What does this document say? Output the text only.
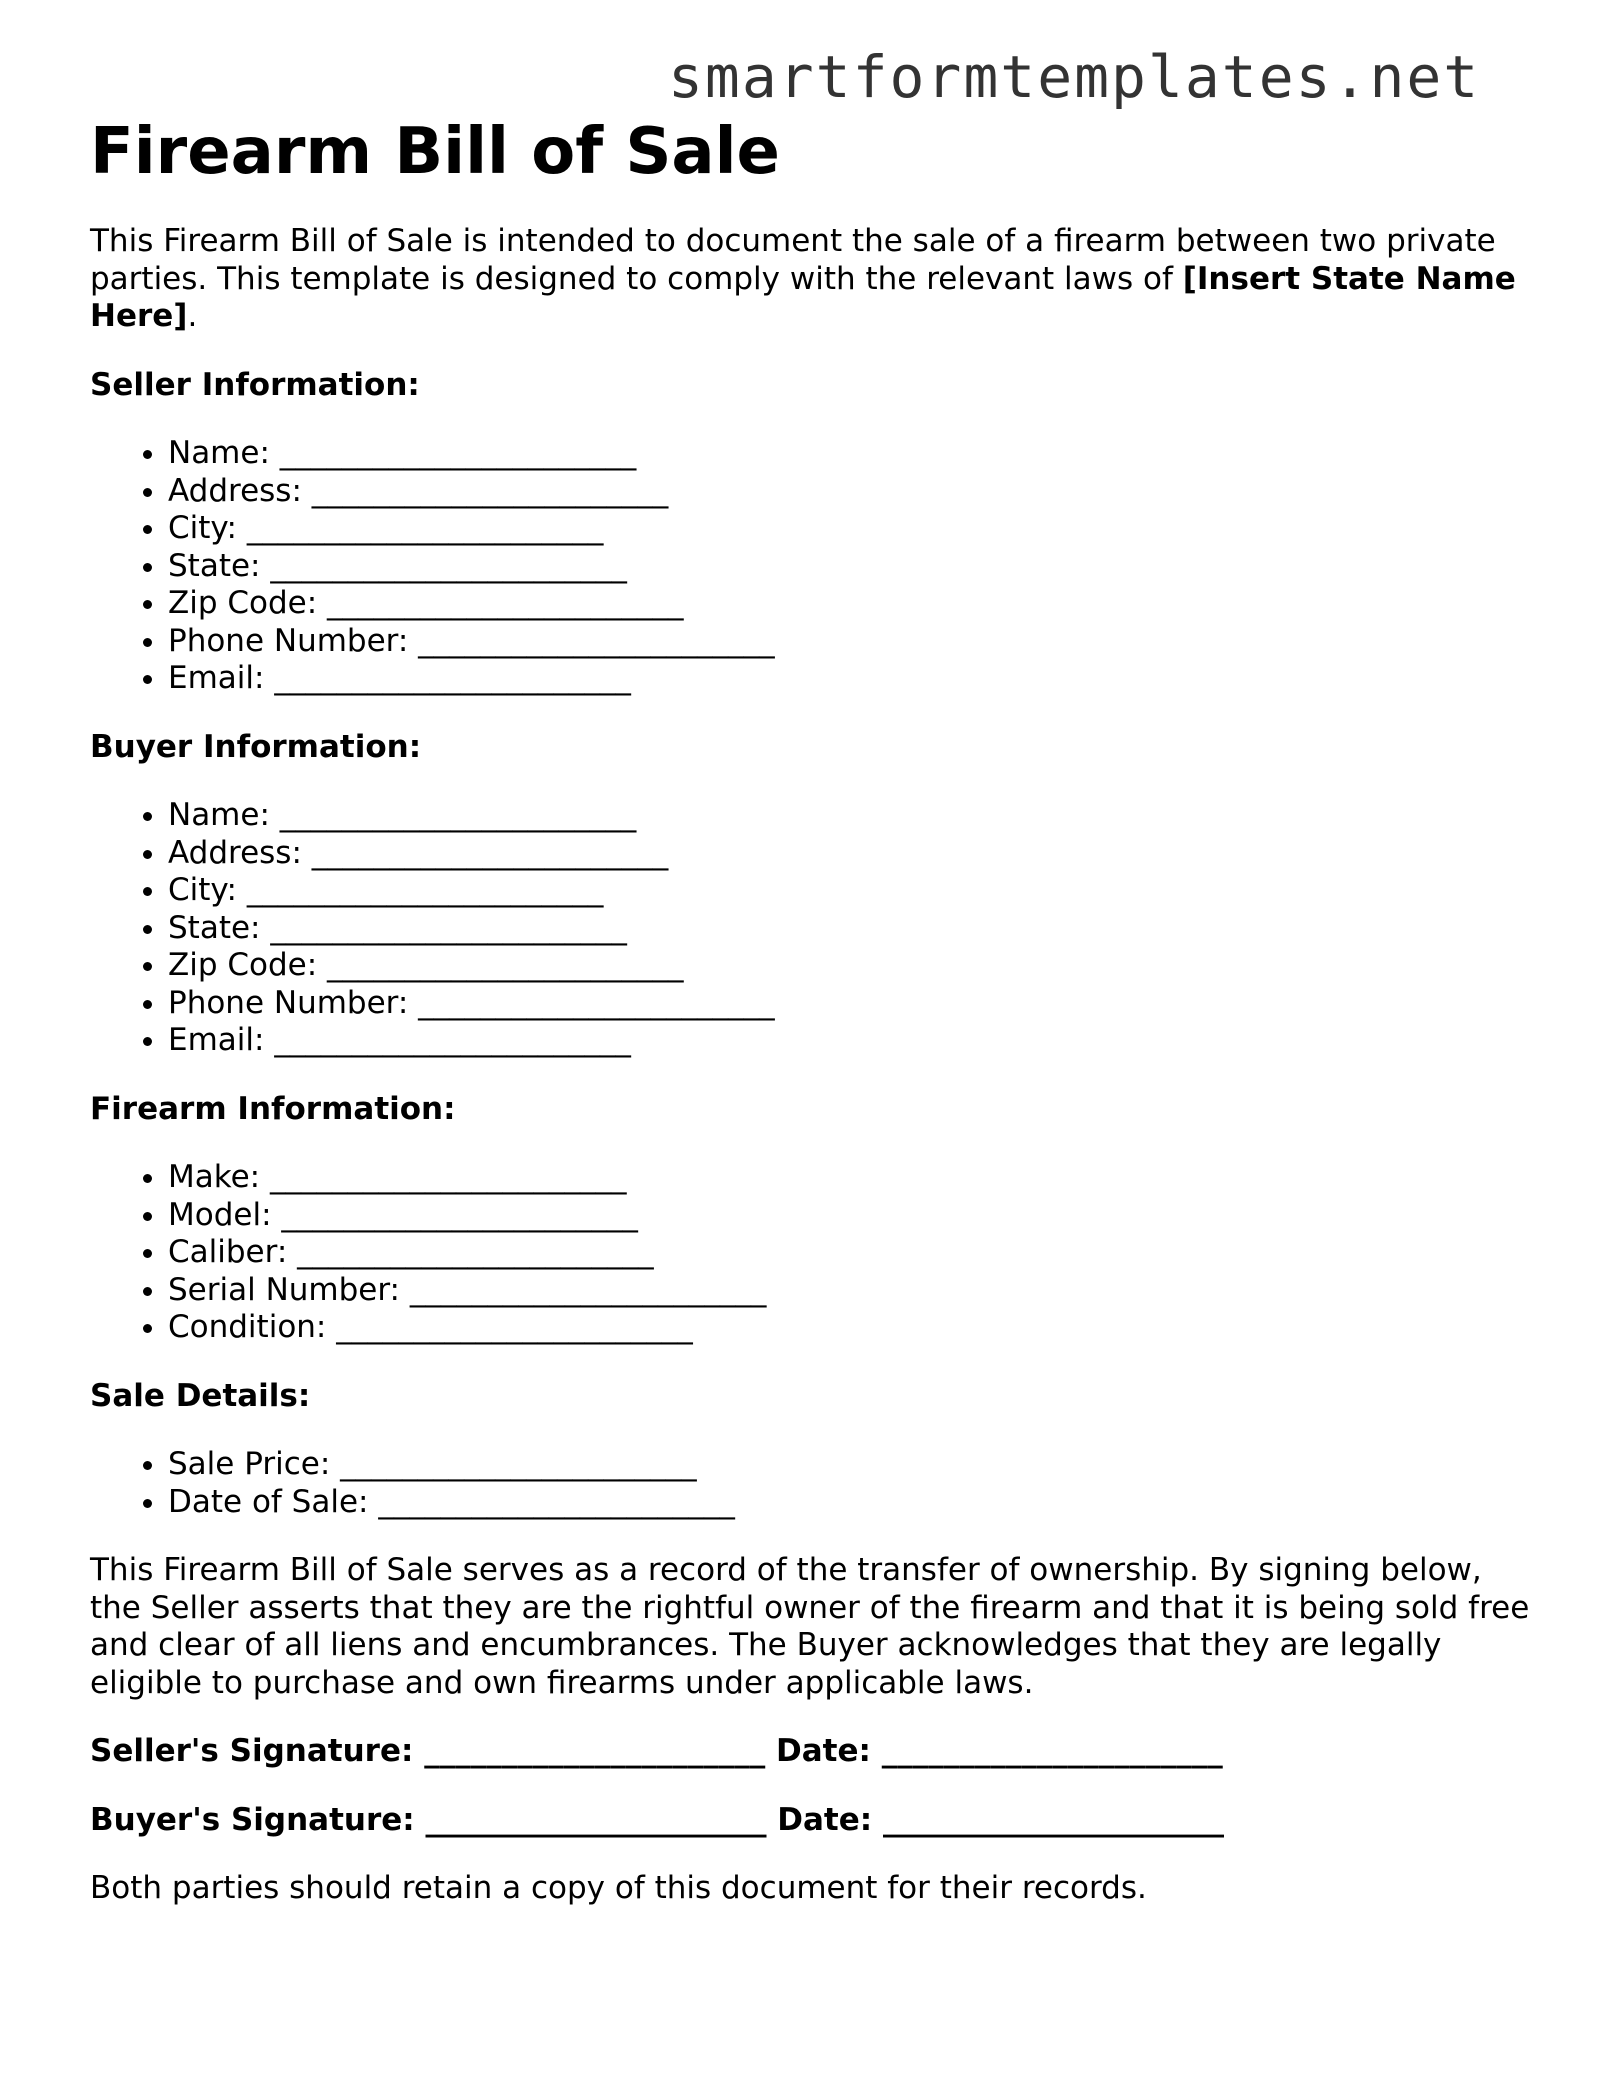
smartformtemplates.net
Firearm Bill of Sale

This Firearm Bill of Sale is intended to document the sale of a firearm between two private parties. This template is designed to comply with the relevant laws of [Insert State Name Here].

Seller Information:
• Name: _______________________
• Address: _______________________
• City: _______________________
• State: _______________________
• Zip Code: _______________________
• Phone Number: _______________________
• Email: _______________________
Buyer Information:
• Name: _______________________
• Address: _______________________
• City: _______________________
• State: _______________________
• Zip Code: _______________________
• Phone Number: _______________________
• Email: _______________________
Firearm Information:
• Make: _______________________
• Model: _______________________
• Caliber: _______________________
• Serial Number: _______________________
• Condition: _______________________
Sale Details:
• Sale Price: _______________________
• Date of Sale: _______________________

This Firearm Bill of Sale serves as a record of the transfer of ownership. By signing below, the Seller asserts that they are the rightful owner of the firearm and that it is being sold free and clear of all liens and encumbrances. The Buyer acknowledges that they are legally eligible to purchase and own firearms under applicable laws.

Seller's Signature: ______________________ Date: ______________________
Buyer's Signature: ______________________ Date: ______________________

Both parties should retain a copy of this document for their records.
